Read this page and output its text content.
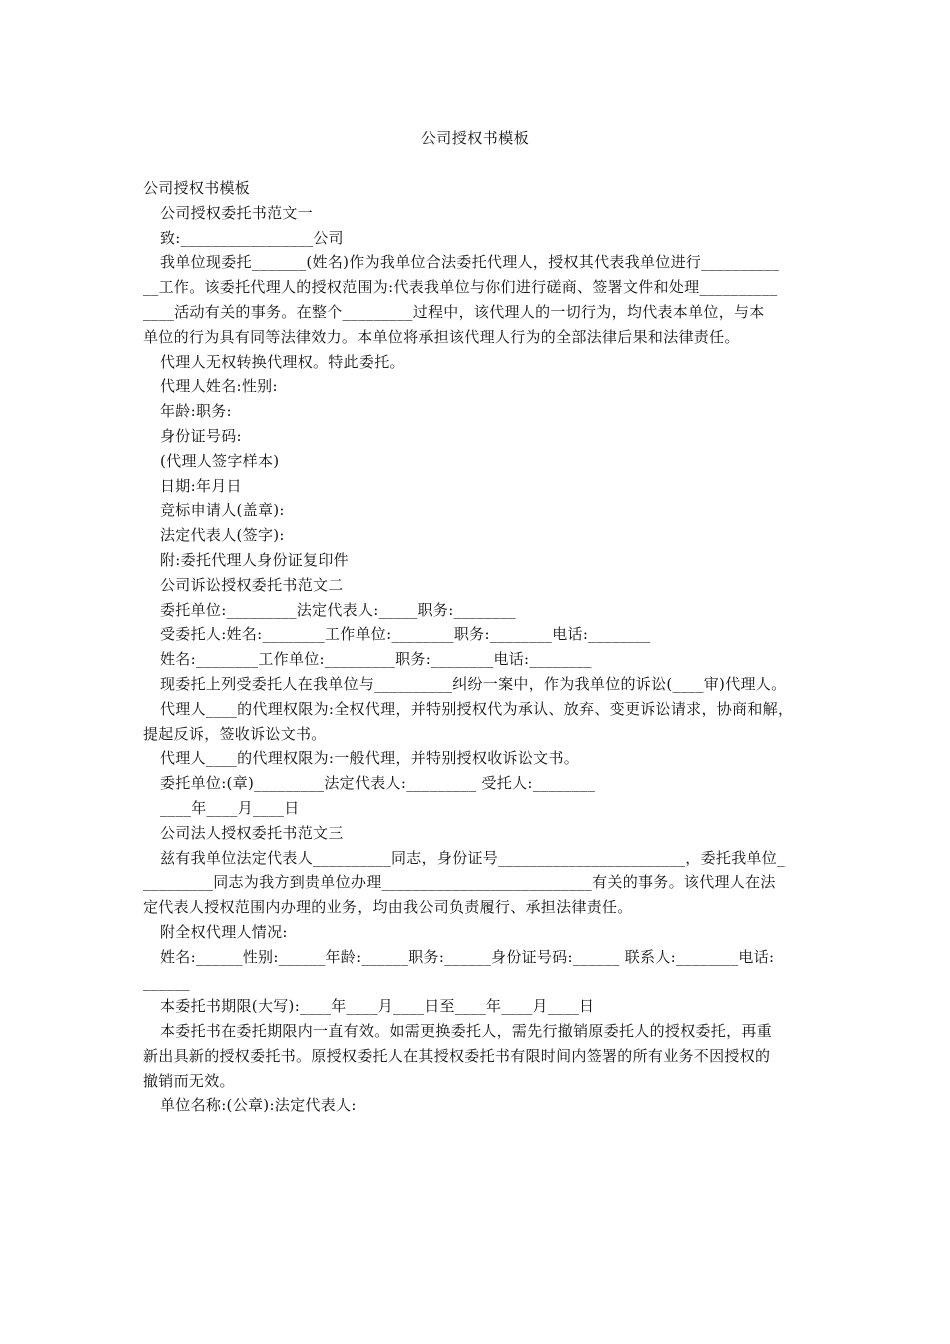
公司授权书模板
公司授权书模板
公司授权委托书范文一
致:_________________公司
我单位现委托_______(姓名)作为我单位合法委托代理人，授权其代表我单位进行__________
__工作。该委托代理人的授权范围为:代表我单位与你们进行磋商、签署文件和处理__________
____活动有关的事务。在整个_________过程中，该代理人的一切行为，均代表本单位，与本
单位的行为具有同等法律效力。本单位将承担该代理人行为的全部法律后果和法律责任。
代理人无权转换代理权。特此委托。
代理人姓名:性别:
年龄:职务:
身份证号码:
(代理人签字样本)
日期:年月日
竞标申请人(盖章):
法定代表人(签字):
附:委托代理人身份证复印件
公司诉讼授权委托书范文二
委托单位:_________法定代表人:_____职务:________
受委托人:姓名:________工作单位:________职务:________电话:________
姓名:________工作单位:_________职务:________电话:________
现委托上列受委托人在我单位与__________纠纷一案中，作为我单位的诉讼(____审)代理人。
代理人____的代理权限为:全权代理，并特别授权代为承认、放弃、变更诉讼请求，协商和解，
提起反诉，签收诉讼文书。
代理人____的代理权限为:一般代理，并特别授权收诉讼文书。
委托单位:(章)_________法定代表人:_________ 受托人:________
____年____月____日
公司法人授权委托书范文三
兹有我单位法定代表人__________同志，身份证号________________________，委托我单位_
_________同志为我方到贵单位办理___________________________有关的事务。该代理人在法
定代表人授权范围内办理的业务，均由我公司负责履行、承担法律责任。
附全权代理人情况:
姓名:______性别:______年龄:______职务:______身份证号码:______ 联系人:________电话:
______
本委托书期限(大写):____年____月____日至____年____月____日
本委托书在委托期限内一直有效。如需更换委托人，需先行撤销原委托人的授权委托，再重
新出具新的授权委托书。原授权委托人在其授权委托书有限时间内签署的所有业务不因授权的
撤销而无效。
单位名称:(公章):法定代表人:
